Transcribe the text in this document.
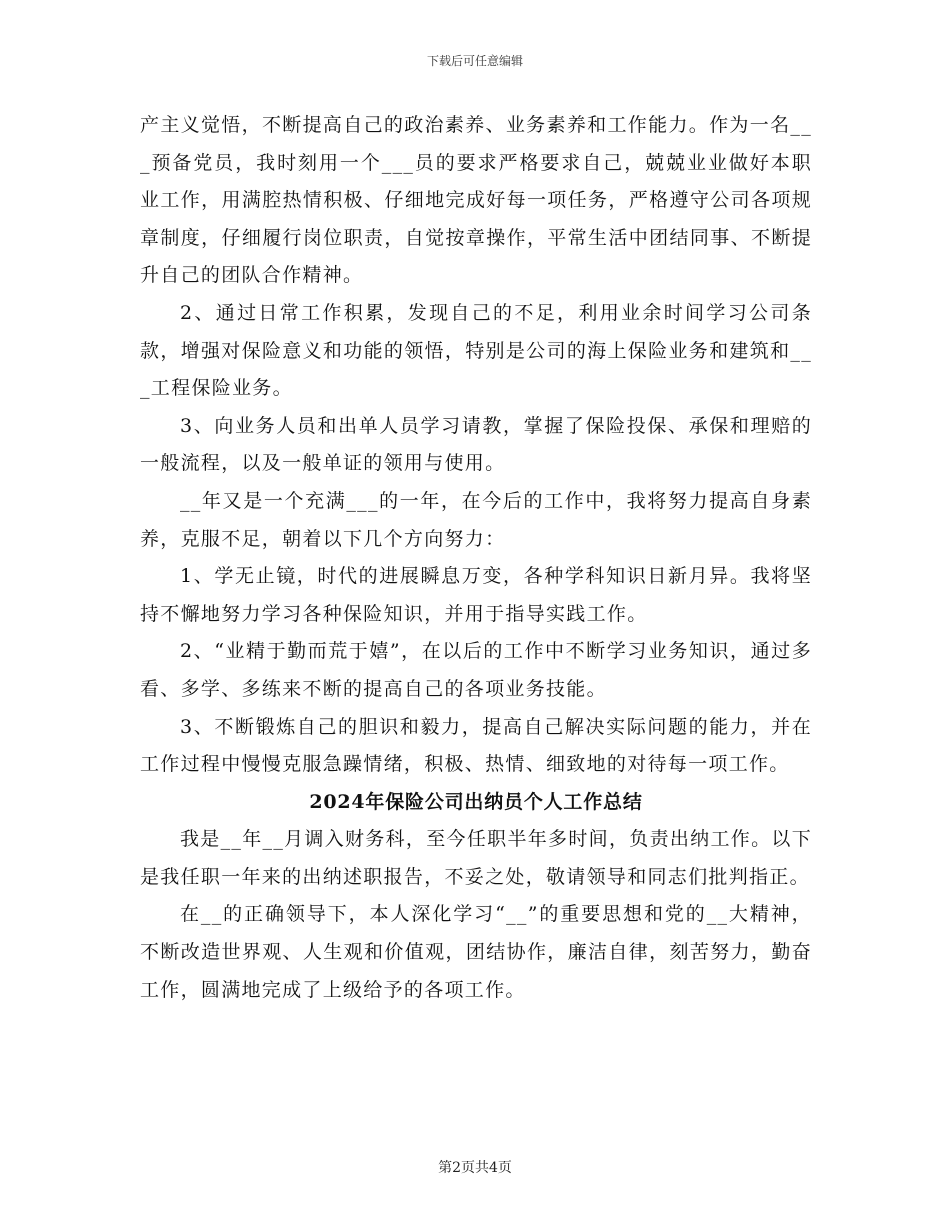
下载后可任意编辑

产主义觉悟，不断提高自己的政治素养、业务素养和工作能力。作为一名___预备党员，我时刻用一个___员的要求严格要求自己，兢兢业业做好本职业工作，用满腔热情积极、仔细地完成好每一项任务，严格遵守公司各项规章制度，仔细履行岗位职责，自觉按章操作，平常生活中团结同事、不断提升自己的团队合作精神。

2、通过日常工作积累，发现自己的不足，利用业余时间学习公司条款，增强对保险意义和功能的领悟，特别是公司的海上保险业务和建筑和___工程保险业务。

3、向业务人员和出单人员学习请教，掌握了保险投保、承保和理赔的一般流程，以及一般单证的领用与使用。

__年又是一个充满___的一年，在今后的工作中，我将努力提高自身素养，克服不足，朝着以下几个方向努力：

1、学无止镜，时代的进展瞬息万变，各种学科知识日新月异。我将坚持不懈地努力学习各种保险知识，并用于指导实践工作。

2、“业精于勤而荒于嬉”，在以后的工作中不断学习业务知识，通过多看、多学、多练来不断的提高自己的各项业务技能。

3、不断锻炼自己的胆识和毅力，提高自己解决实际问题的能力，并在工作过程中慢慢克服急躁情绪，积极、热情、细致地的对待每一项工作。

2024年保险公司出纳员个人工作总结

我是__年__月调入财务科，至今任职半年多时间，负责出纳工作。以下是我任职一年来的出纳述职报告，不妥之处，敬请领导和同志们批判指正。

在__的正确领导下，本人深化学习“__”的重要思想和党的__大精神，不断改造世界观、人生观和价值观，团结协作，廉洁自律，刻苦努力，勤奋工作，圆满地完成了上级给予的各项工作。

第2页共4页
